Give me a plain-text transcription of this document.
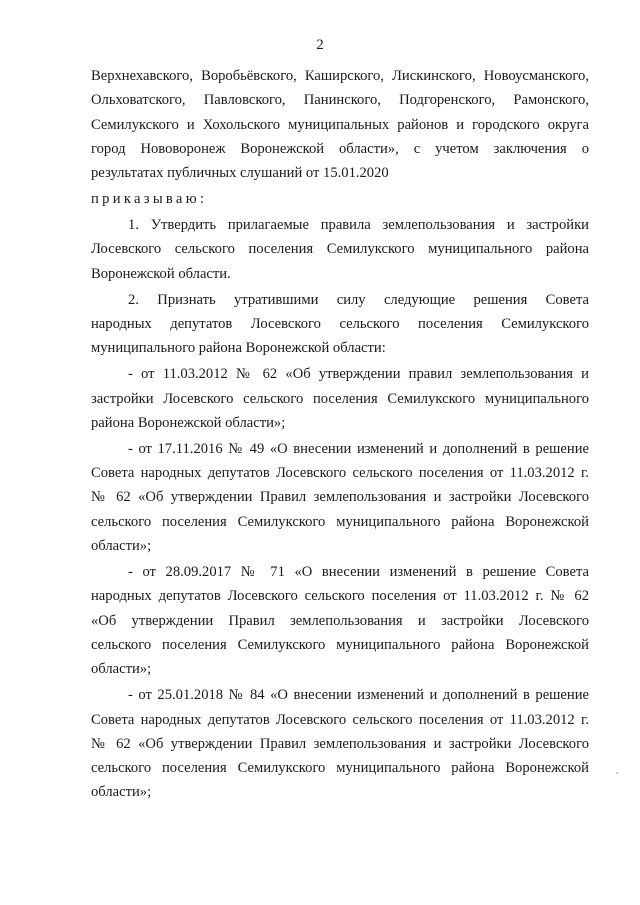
2

Верхнехавского, Воробьёвского, Каширского, Лискинского, Новоусманского,
Ольховатского, Павловского, Панинского, Подгоренского, Рамонского,
Семилукского и Хохольского муниципальных районов и городского округа
город Нововоронеж Воронежской области», с учетом заключения о
результатах публичных слушаний от 15.01.2020

приказываю:

1. Утвердить прилагаемые правила землепользования и застройки
Лосевского сельского поселения Семилукского муниципального района
Воронежской области.

2. Признать утратившими силу следующие решения Совета
народных депутатов Лосевского сельского поселения Семилукского
муниципального района Воронежской области:

- от 11.03.2012 № 62 «Об утверждении правил землепользования и
застройки Лосевского сельского поселения Семилукского муниципального
района Воронежской области»;

- от 17.11.2016 № 49 «О внесении изменений и дополнений в решение
Совета народных депутатов Лосевского сельского поселения от 11.03.2012 г.
№ 62 «Об утверждении Правил землепользования и застройки Лосевского
сельского поселения Семилукского муниципального района Воронежской
области»;

- от 28.09.2017 № 71 «О внесении изменений в решение Совета
народных депутатов Лосевского сельского поселения от 11.03.2012 г. № 62
«Об утверждении Правил землепользования и застройки Лосевского
сельского поселения Семилукского муниципального района Воронежской
области»;

- от 25.01.2018 № 84 «О внесении изменений и дополнений в решение
Совета народных депутатов Лосевского сельского поселения от 11.03.2012 г.
№ 62 «Об утверждении Правил землепользования и застройки Лосевского
сельского поселения Семилукского муниципального района Воронежской
области»;
